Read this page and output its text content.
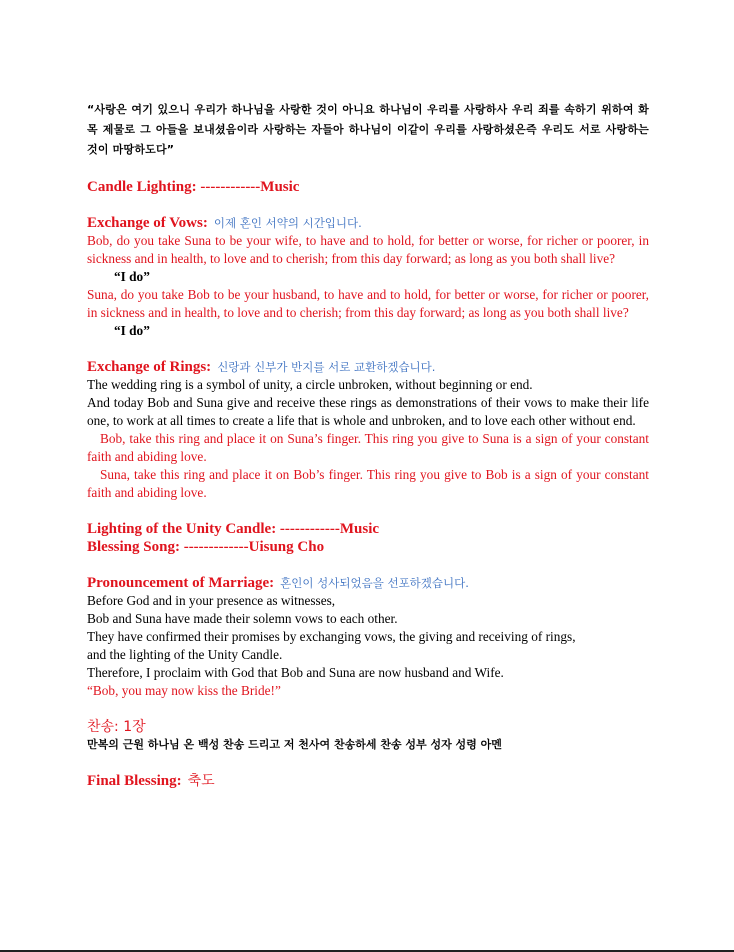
“사랑은 여기 있으니 우리가 하나님을 사랑한 것이 아니요 하나님이 우리를 사랑하사 우리 죄를 속하기 위하여 화목 제물로 그 아들을 보내셨음이라 사랑하는 자들아 하나님이 이같이 우리를 사랑하셨은즉 우리도 서로 사랑하는 것이 마땅하도다”
Candle Lighting: ------------Music
Exchange of Vows: 이제 혼인 서약의 시간입니다.
Bob, do you take Suna to be your wife, to have and to hold, for better or worse, for richer or poorer, in sickness and in health, to love and to cherish; from this day forward; as long as you both shall live?
“I do”
Suna, do you take Bob to be your husband, to have and to hold, for better or worse, for richer or poorer, in sickness and in health, to love and to cherish; from this day forward; as long as you both shall live?
“I do”
Exchange of Rings: 신랑과 신부가 반지를 서로 교환하겠습니다.
The wedding ring is a symbol of unity, a circle unbroken, without beginning or end.
And today Bob and Suna give and receive these rings as demonstrations of their vows to make their life one, to work at all times to create a life that is whole and unbroken, and to love each other without end.
Bob, take this ring and place it on Suna’s finger. This ring you give to Suna is a sign of your constant faith and abiding love.
Suna, take this ring and place it on Bob’s finger. This ring you give to Bob is a sign of your constant faith and abiding love.
Lighting of the Unity Candle: ------------Music
Blessing Song: -------------Uisung Cho
Pronouncement of Marriage: 혼인이 성사되었음을 선포하겠습니다.
Before God and in your presence as witnesses,
Bob and Suna have made their solemn vows to each other.
They have confirmed their promises by exchanging vows, the giving and receiving of rings,
and the lighting of the Unity Candle.
Therefore, I proclaim with God that Bob and Suna are now husband and Wife.
“Bob, you may now kiss the Bride!”
찬송: 1장
만복의 근원 하나님 온 백성 찬송 드리고 저 천사여 찬송하세 찬송 성부 성자 성령 아멘
Final Blessing: 축도
